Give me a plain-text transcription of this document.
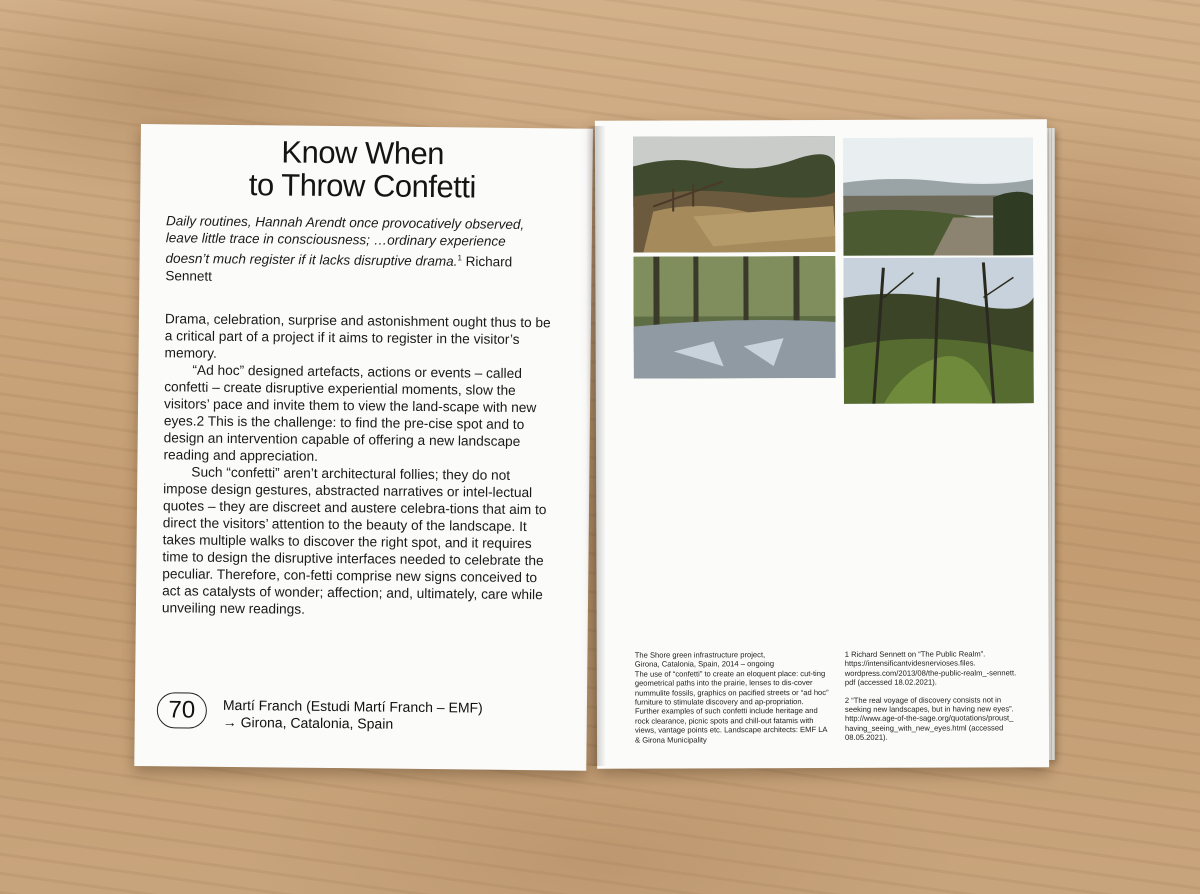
Know When
to Throw Confetti
Daily routines, Hannah Arendt once provocatively observed, leave little trace in consciousness; …ordinary experience doesn’t much register if it lacks disruptive drama.$^1$ Richard Sennett

Drama, celebration, surprise and astonishment ought thus to be a critical part of a project if it aims to register in the visitor’s memory.

“Ad hoc” designed artefacts, actions or events – called confetti – create disruptive experiential moments, slow the visitors’ pace and invite them to view the land-scape with new eyes.2 This is the challenge: to find the pre-cise spot and to design an intervention capable of offering a new landscape reading and appreciation.

Such “confetti” aren’t architectural follies; they do not impose design gestures, abstracted narratives or intel-lectual quotes – they are discreet and austere celebra-tions that aim to direct the visitors’ attention to the beauty of the landscape. It takes multiple walks to discover the right spot, and it requires time to design the disruptive interfaces needed to celebrate the peculiar. Therefore, con-fetti comprise new signs conceived to act as catalysts of wonder; affection; and, ultimately, care while unveiling new readings.

70	Martí Franch (Estudi Martí Franch – EMF)
→ Girona, Catalonia, Spain
The Shore green infrastructure project,
Girona, Catalonia, Spain, 2014 – ongoing
The use of “confetti” to create an eloquent place: cut-ting geometrical paths into the prairie, lenses to dis-cover nummulite fossils, graphics on pacified streets or “ad hoc” furniture to stimulate discovery and ap-propriation. Further examples of such confetti include heritage and rock clearance, picnic spots and chill-out fatamis with views, vantage points etc. Landscape architects: EMF LA & Girona Municipality
1 Richard Sennett on “The Public Realm”.
https://intensificantvidesnervioses.files.
wordpress.com/2013/08/the-public-realm_-sennett.
pdf (accessed 18.02.2021).
2 “The real voyage of discovery consists not in
seeking new landscapes, but in having new eyes”.
http://www.age-of-the-sage.org/quotations/proust_
having_seeing_with_new_eyes.html (accessed
08.05.2021).
